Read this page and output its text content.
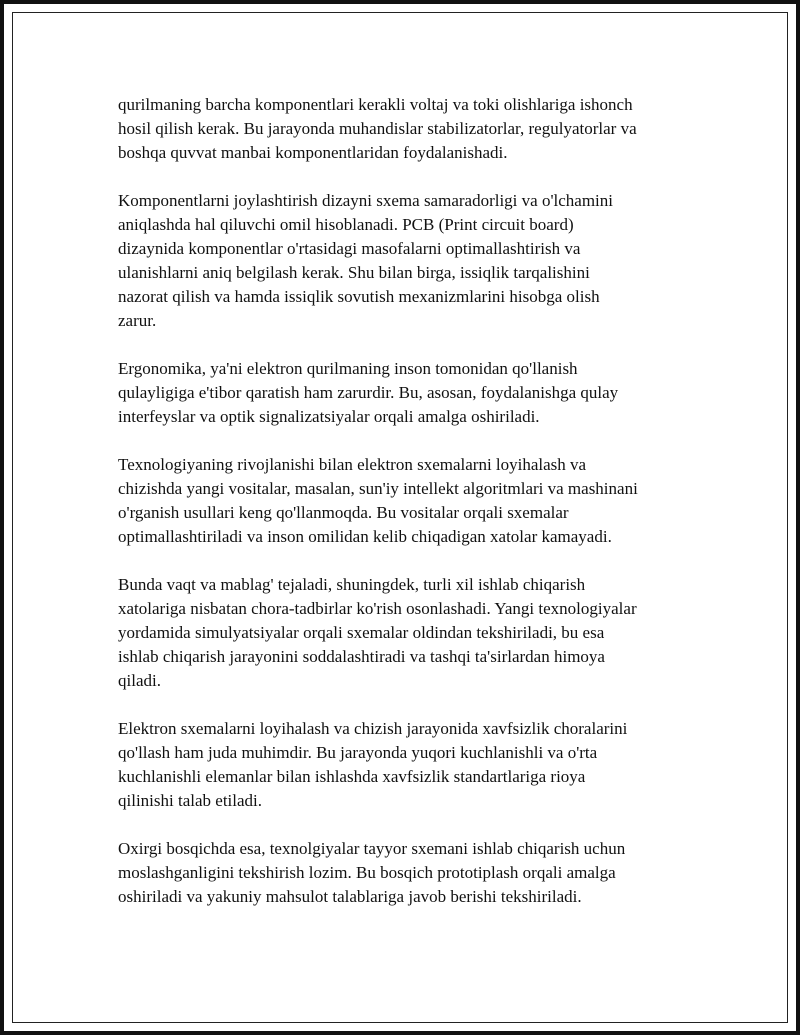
qurilmaning barcha komponentlari kerakli voltaj va toki olishlariga ishonch
hosil qilish kerak. Bu jarayonda muhandislar stabilizatorlar, regulyatorlar va
boshqa quvvat manbai komponentlaridan foydalanishadi.

Komponentlarni joylashtirish dizayni sxema samaradorligi va o'lchamini
aniqlashda hal qiluvchi omil hisoblanadi. PCB (Print circuit board)
dizaynida komponentlar o'rtasidagi masofalarni optimallashtirish va
ulanishlarni aniq belgilash kerak. Shu bilan birga, issiqlik tarqalishini
nazorat qilish va hamda issiqlik sovutish mexanizmlarini hisobga olish
zarur.

Ergonomika, ya'ni elektron qurilmaning inson tomonidan qo'llanish
qulayligiga e'tibor qaratish ham zarurdir. Bu, asosan, foydalanishga qulay
interfeyslar va optik signalizatsiyalar orqali amalga oshiriladi.

Texnologiyaning rivojlanishi bilan elektron sxemalarni loyihalash va
chizishda yangi vositalar, masalan, sun'iy intellekt algoritmlari va mashinani
o'rganish usullari keng qo'llanmoqda. Bu vositalar orqali sxemalar
optimallashtiriladi va inson omilidan kelib chiqadigan xatolar kamayadi.

Bunda vaqt va mablag' tejaladi, shuningdek, turli xil ishlab chiqarish
xatolariga nisbatan chora-tadbirlar ko'rish osonlashadi. Yangi texnologiyalar
yordamida simulyatsiyalar orqali sxemalar oldindan tekshiriladi, bu esa
ishlab chiqarish jarayonini soddalashtiradi va tashqi ta'sirlardan himoya
qiladi.

Elektron sxemalarni loyihalash va chizish jarayonida xavfsizlik choralarini
qo'llash ham juda muhimdir. Bu jarayonda yuqori kuchlanishli va o'rta
kuchlanishli elemanlar bilan ishlashda xavfsizlik standartlariga rioya
qilinishi talab etiladi.

Oxirgi bosqichda esa, texnolgiyalar tayyor sxemani ishlab chiqarish uchun
moslashganligini tekshirish lozim. Bu bosqich prototiplash orqali amalga
oshiriladi va yakuniy mahsulot talablariga javob berishi tekshiriladi.
